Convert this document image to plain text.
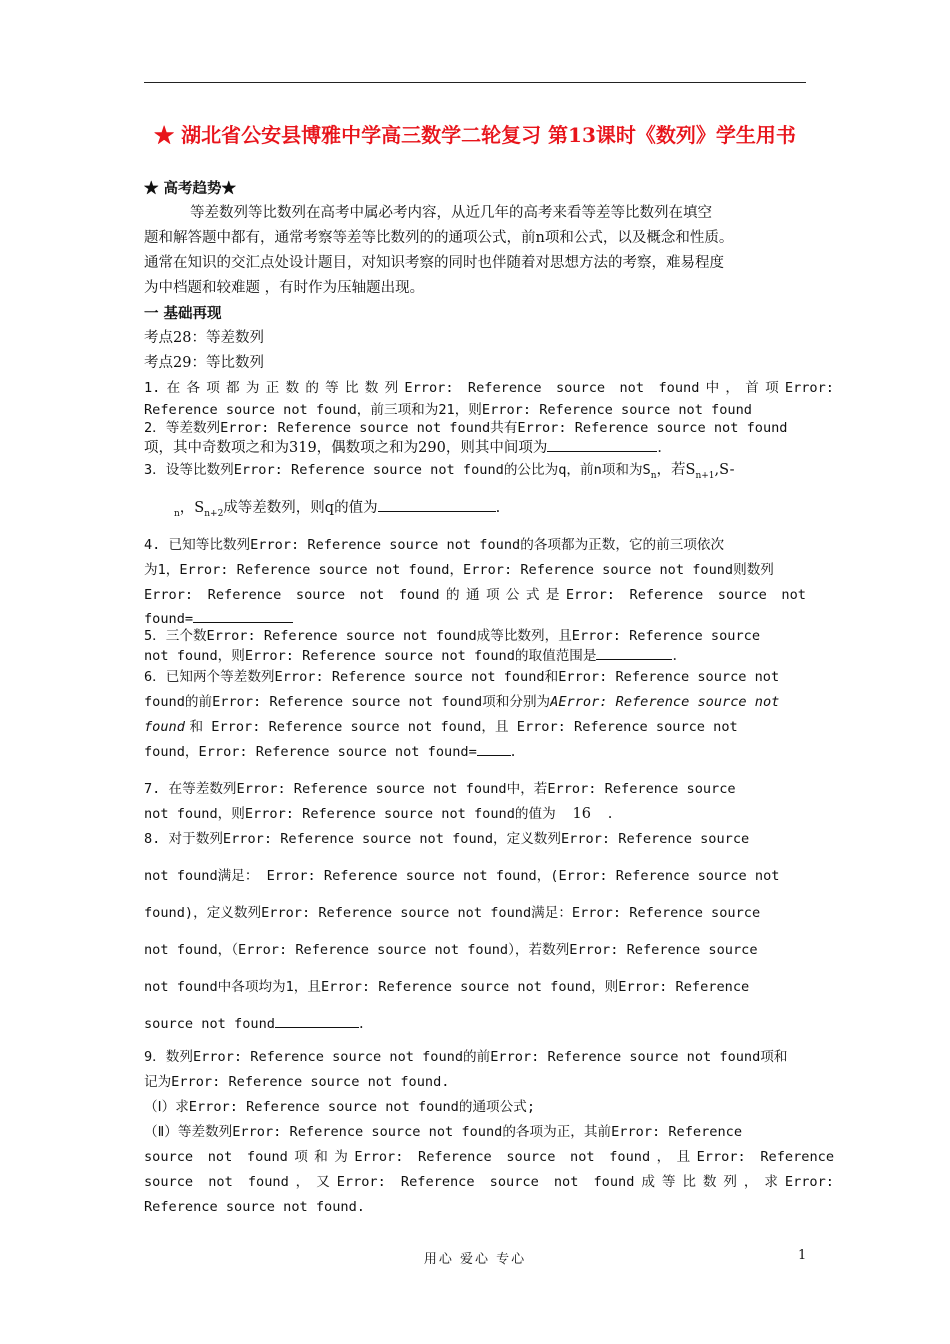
★ 湖北省公安县博雅中学高三数学二轮复习 第13课时《数列》学生用书
★ 高考趋势★
等差数列等比数列在高考中属必考内容，从近几年的高考来看等差等比数列在填空
题和解答题中都有，通常考察等差等比数列的的通项公式，前n项和公式，以及概念和性质。
通常在知识的交汇点处设计题目，对知识考察的同时也伴随着对思想方法的考察，难易程度
为中档题和较难题 ，有时作为压轴题出现。
一 基础再现
考点28：等差数列
考点29：等比数列
1.在各项都为正数的等比数列Error: Reference source not found中，首项Error:
Reference source not found，前三项和为21，则Error: Reference source not found
2．等差数列Error: Reference source not found共有Error: Reference source not found
项，其中奇数项之和为319，偶数项之和为290，则其中间项为	．
3．设等比数列Error: Reference source not found的公比为q，前n项和为$S_n$，若$S_{n+1},S-$
$_n$，$S_{n+2}$成等差数列，则q的值为	.
4. 已知等比数列Error: Reference source not found的各项都为正数，它的前三项依次
为1，Error: Reference source not found，Error: Reference source not found则数列
Error: Reference source not found的通项公式是Error: Reference source not
found=
5．三个数Error: Reference source not found成等比数列，且Error: Reference source
not found，则Error: Reference source not found的取值范围是	．
6．已知两个等差数列Error: Reference source not found和Error: Reference source not
found的前Error: Reference source not found项和分别为AError: Reference source not
found 和 Error: Reference source not found，且 Error: Reference source not
found，Error: Reference source not found= .
7. 在等差数列Error: Reference source not found中，若Error: Reference source
not found，则Error: Reference source not found的值为 16 .
8. 对于数列Error: Reference source not found，定义数列Error: Reference source
not found满足： Error: Reference source not found，(Error: Reference source not
found)，定义数列Error: Reference source not found满足：Error: Reference source
not found，（Error: Reference source not found），若数列Error: Reference source
not found中各项均为1，且Error: Reference source not found，则Error: Reference
source not found	.
9．数列Error: Reference source not found的前Error: Reference source not found项和
记为Error: Reference source not found.
（Ⅰ）求Error: Reference source not found的通项公式;
（Ⅱ）等差数列Error: Reference source not found的各项为正，其前Error: Reference
source not found项和为Error: Reference source not found，且Error: Reference
source not found，又Error: Reference source not found成等比数列，求Error:
Reference source not found.
用心 爱心 专心	1
